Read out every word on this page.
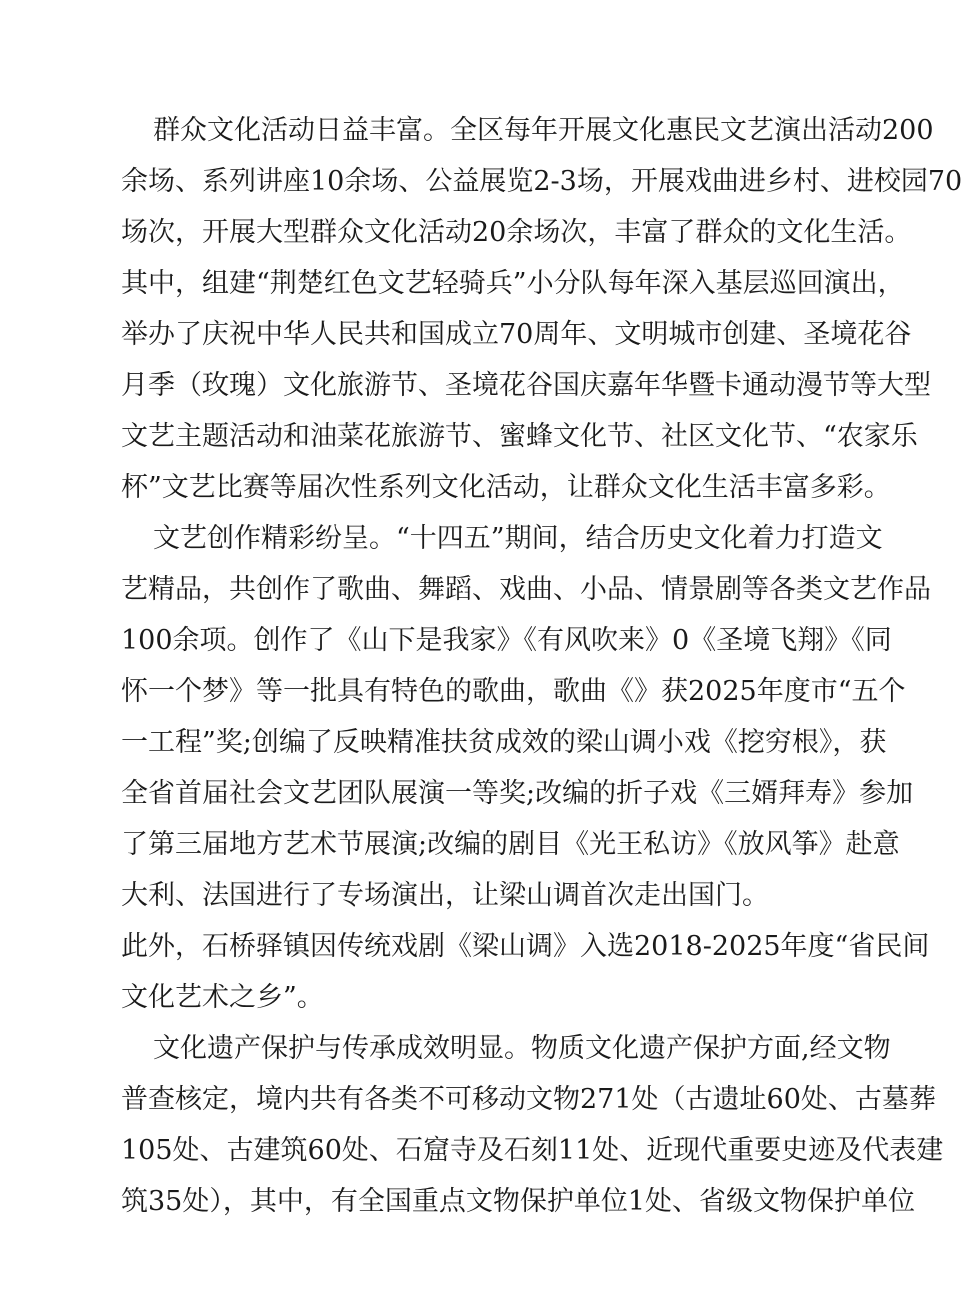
群众文化活动日益丰富。全区每年开展文化惠民文艺演出活动200
余场、系列讲座10余场、公益展览2-3场，开展戏曲进乡村、进校园70
场次，开展大型群众文化活动20余场次，丰富了群众的文化生活。
其中，组建“荆楚红色文艺轻骑兵”小分队每年深入基层巡回演出，
举办了庆祝中华人民共和国成立70周年、文明城市创建、圣境花谷
月季（玫瑰）文化旅游节、圣境花谷国庆嘉年华暨卡通动漫节等大型
文艺主题活动和油菜花旅游节、蜜蜂文化节、社区文化节、“农家乐
杯”文艺比赛等届次性系列文化活动，让群众文化生活丰富多彩。
文艺创作精彩纷呈。“十四五”期间，结合历史文化着力打造文
艺精品，共创作了歌曲、舞蹈、戏曲、小品、情景剧等各类文艺作品
100余项。创作了《山下是我家》《有风吹来》0《圣境飞翔》《同
怀一个梦》等一批具有特色的歌曲，歌曲《》获2025年度市“五个
一工程”奖;创编了反映精准扶贫成效的梁山调小戏《挖穷根》，获
全省首届社会文艺团队展演一等奖;改编的折子戏《三婿拜寿》参加
了第三届地方艺术节展演;改编的剧目《光王私访》《放风筝》赴意
大利、法国进行了专场演出，让梁山调首次走出国门。
此外，石桥驿镇因传统戏剧《梁山调》入选2018-2025年度“省民间
文化艺术之乡”。
文化遗产保护与传承成效明显。物质文化遗产保护方面,经文物
普查核定，境内共有各类不可移动文物271处（古遗址60处、古墓葬
105处、古建筑60处、石窟寺及石刻11处、近现代重要史迹及代表建
筑35处），其中，有全国重点文物保护单位1处、省级文物保护单位
